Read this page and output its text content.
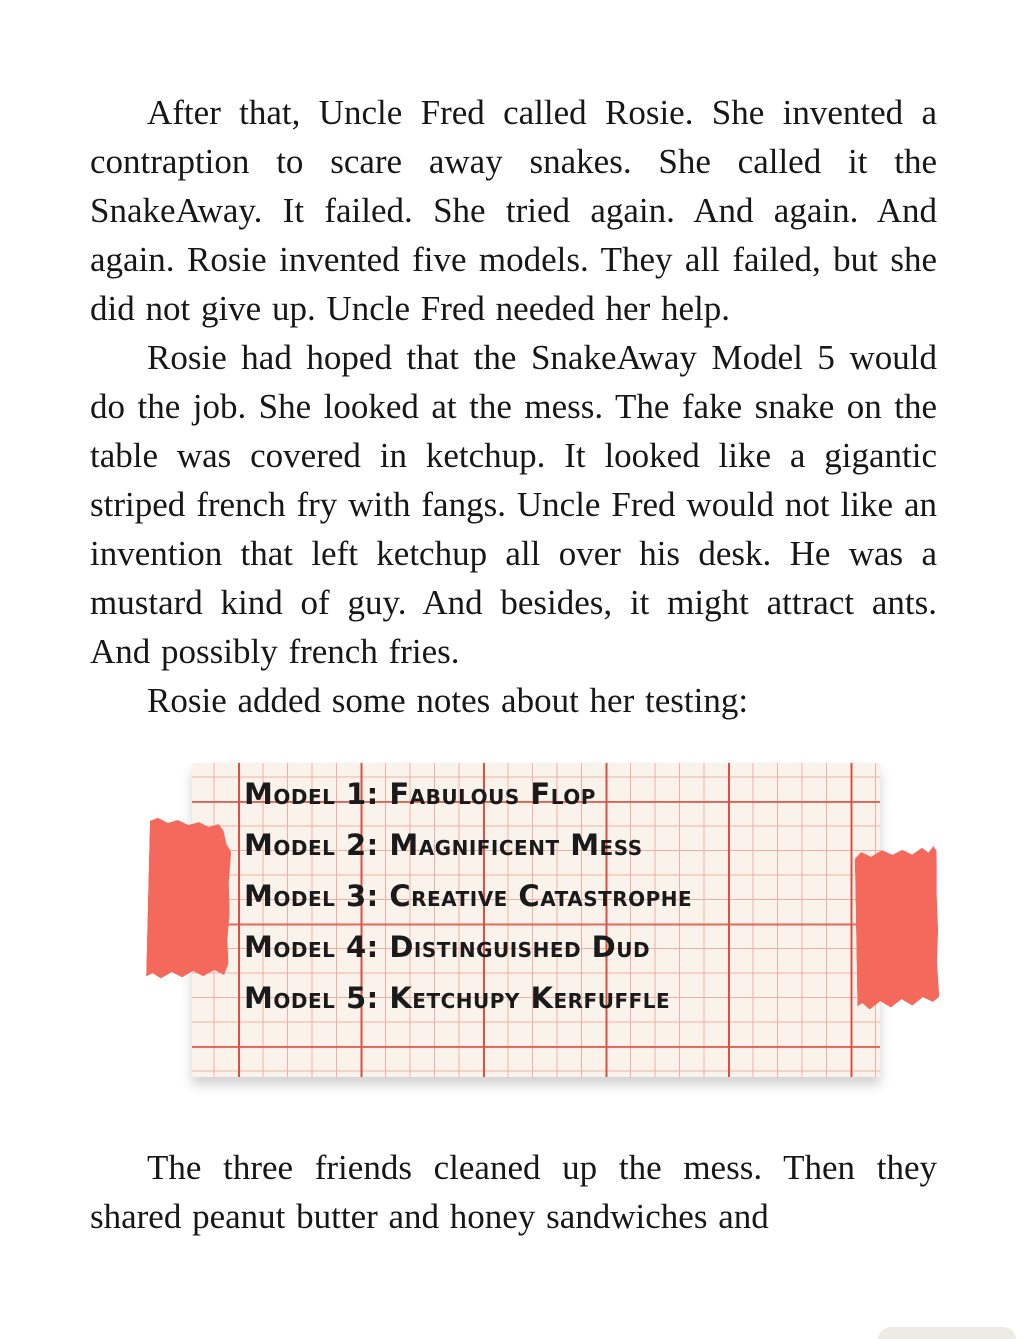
After that, Uncle Fred called Rosie. She invented a contraption to scare away snakes. She called it the SnakeAway. It failed. She tried again. And again. And again. Rosie invented five models. They all failed, but she did not give up. Uncle Fred needed her help.

Rosie had hoped that the SnakeAway Model 5 would do the job. She looked at the mess. The fake snake on the table was covered in ketchup. It looked like a gigantic striped french fry with fangs. Uncle Fred would not like an invention that left ketchup all over his desk. He was a mustard kind of guy. And besides, it might attract ants. And possibly french fries.

Rosie added some notes about her testing:

Model 1: Fabulous Flop
Model 2: Magnificent Mess
Model 3: Creative Catastrophe
Model 4: Distinguished Dud
Model 5: Ketchupy Kerfuffle

The three friends cleaned up the mess. Then they shared peanut butter and honey sandwiches and
